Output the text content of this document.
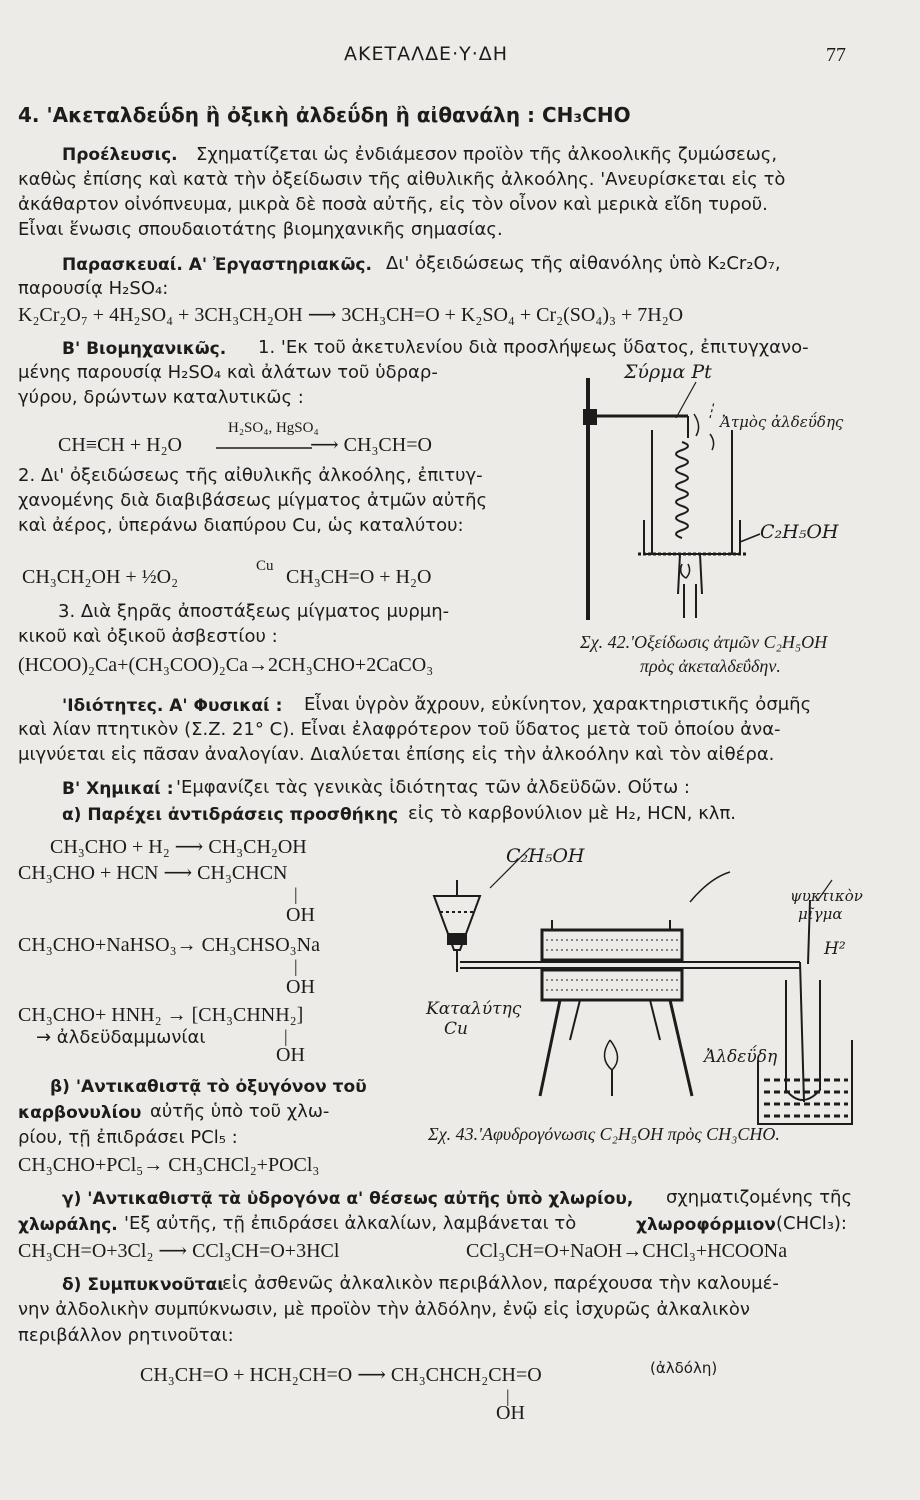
ΑΚΕΤΑΛΔΕ·Υ·ΔΗ	77
4. 'Ακεταλδεΰδη ἢ ὀξικὴ ἀλδεΰδη ἢ αἰθανάλη : CH₃CHO
Προέλευσις. Σχηματίζεται ὡς ἐνδιάμεσον προϊὸν τῆς ἀλκοολικῆς ζυμώσεως,
καθὼς ἐπίσης καὶ κατὰ τὴν ὀξείδωσιν τῆς αἰθυλικῆς ἀλκοόλης. 'Ανευρίσκεται εἰς τὸ
ἀκάθαρτον οἰνόπνευμα, μικρὰ δὲ ποσὰ αὐτῆς, εἰς τὸν οἶνον καὶ μερικὰ εἴδη τυροῦ.
Εἶναι ἕνωσις σπουδαιοτάτης βιομηχανικῆς σημασίας.
Παρασκευαί. Α' Ἐργαστηριακῶς. Δι' ὀξειδώσεως τῆς αἰθανόλης ὑπὸ K₂Cr₂O₇,
παρουσίᾳ H₂SO₄:
K₂Cr₂O₇ + 4H₂SO₄ + 3CH₃CH₂OH ⟶ 3CH₃CH=O + K₂SO₄ + Cr₂(SO₄)₃ + 7H₂O
Β' Βιομηχανικῶς. 1. 'Εκ τοῦ ἀκετυλενίου διὰ προσλήψεως ὕδατος, ἐπιτυγχανο-
μένης παρουσίᾳ H₂SO₄ καὶ ἀλάτων τοῦ ὑδραρ-
γύρου, δρώντων καταλυτικῶς :
H₂SO₄, HgSO₄
CH≡CH + H₂O	⟶ CH₃CH=O
2. Δι' ὀξειδώσεως τῆς αἰθυλικῆς ἀλκοόλης, ἐπιτυγ-
χανομένης διὰ διαβιβάσεως μίγματος ἀτμῶν αὐτῆς
καὶ ἀέρος, ὑπεράνω διαπύρου Cu, ὡς καταλύτου:
CH₃CH₂OH + ½O₂	Cu CH₃CH=O + H₂O
3. Διὰ ξηρᾶς ἀποστάξεως μίγματος μυρμη-
κικοῦ καὶ ὀξικοῦ ἀσβεστίου :
(HCOO)₂Ca+(CH₃COO)₂Ca→2CH₃CHO+2CaCO₃
Σύρμα Pt
Ἀτμὸς ἀλδεΰδης
C₂H₅OH
Σχ. 42.'Οξείδωσις ἀτμῶν C₂H₅OH
πρὸς ἀκεταλδεΰδην.
'Ιδιότητες. Α' Φυσικαί : Εἶναι ὑγρὸν ἄχρουν, εὐκίνητον, χαρακτηριστικῆς ὀσμῆς
καὶ λίαν πτητικὸν (Σ.Ζ. 21° C). Εἶναι ἐλαφρότερον τοῦ ὕδατος μετὰ τοῦ ὁποίου ἀνα-
μιγνύεται εἰς πᾶσαν ἀναλογίαν. Διαλύεται ἐπίσης εἰς τὴν ἀλκοόλην καὶ τὸν αἰθέρα.
Β' Χημικαί : 'Εμφανίζει τὰς γενικὰς ἰδιότητας τῶν ἀλδεϋδῶν. Οὕτω :
α) Παρέχει ἀντιδράσεις προσθήκης εἰς τὸ καρβονύλιον μὲ H₂, HCN, κλπ.
CH₃CHO + H₂ ⟶ CH₃CH₂OH
CH₃CHO + HCN ⟶ CH₃CHCN
|
OH
CH₃CHO+NaHSO₃→ CH₃CHSO₃Na
|
OH
CH₃CHO+ HNH₂ → [CH₃CHNH₂]
→ ἀλδεϋδαμμωνίαι	|
OH
β) 'Αντικαθιστᾷ τὸ ὀξυγόνον τοῦ
καρβονυλίου αὐτῆς ὑπὸ τοῦ χλω-
ρίου, τῇ ἐπιδράσει PCl₅ :
CH₃CHO+PCl₅→ CH₃CHCl₂+POCl₃
C₂H₅OH
Καταλύτης
Cu
ψυκτικὸν
μῖγμα
H²
Ἀλδεΰδη
Σχ. 43.'Αφυδρογόνωσις C₂H₅OH πρὸς CH₃CHO.
γ) 'Αντικαθιστᾷ τὰ ὑδρογόνα α' θέσεως αὐτῆς ὑπὸ χλωρίου, σχηματιζομένης τῆς
χλωράλης. 'Εξ αὐτῆς, τῇ ἐπιδράσει ἀλκαλίων, λαμβάνεται τὸ	χλωροφόρμιον (CHCl₃):
CH₃CH=O+3Cl₂ ⟶ CCl₃CH=O+3HCl	CCl₃CH=O+NaOH→CHCl₃+HCOONa
δ) Συμπυκνοῦται
εἰς ἀσθενῶς ἀλκαλικὸν περιβάλλον, παρέχουσα τὴν καλουμέ-
νην ἀλδολικὴν συμπύκνωσιν, μὲ προϊὸν τὴν ἀλδόλην, ἐνῷ εἰς ἰσχυρῶς ἀλκαλικὸν
περιβάλλον ρητινοῦται:
CH₃CH=O + HCH₂CH=O ⟶ CH₃CHCH₂CH=O	(ἀλδόλη)
|
OH
